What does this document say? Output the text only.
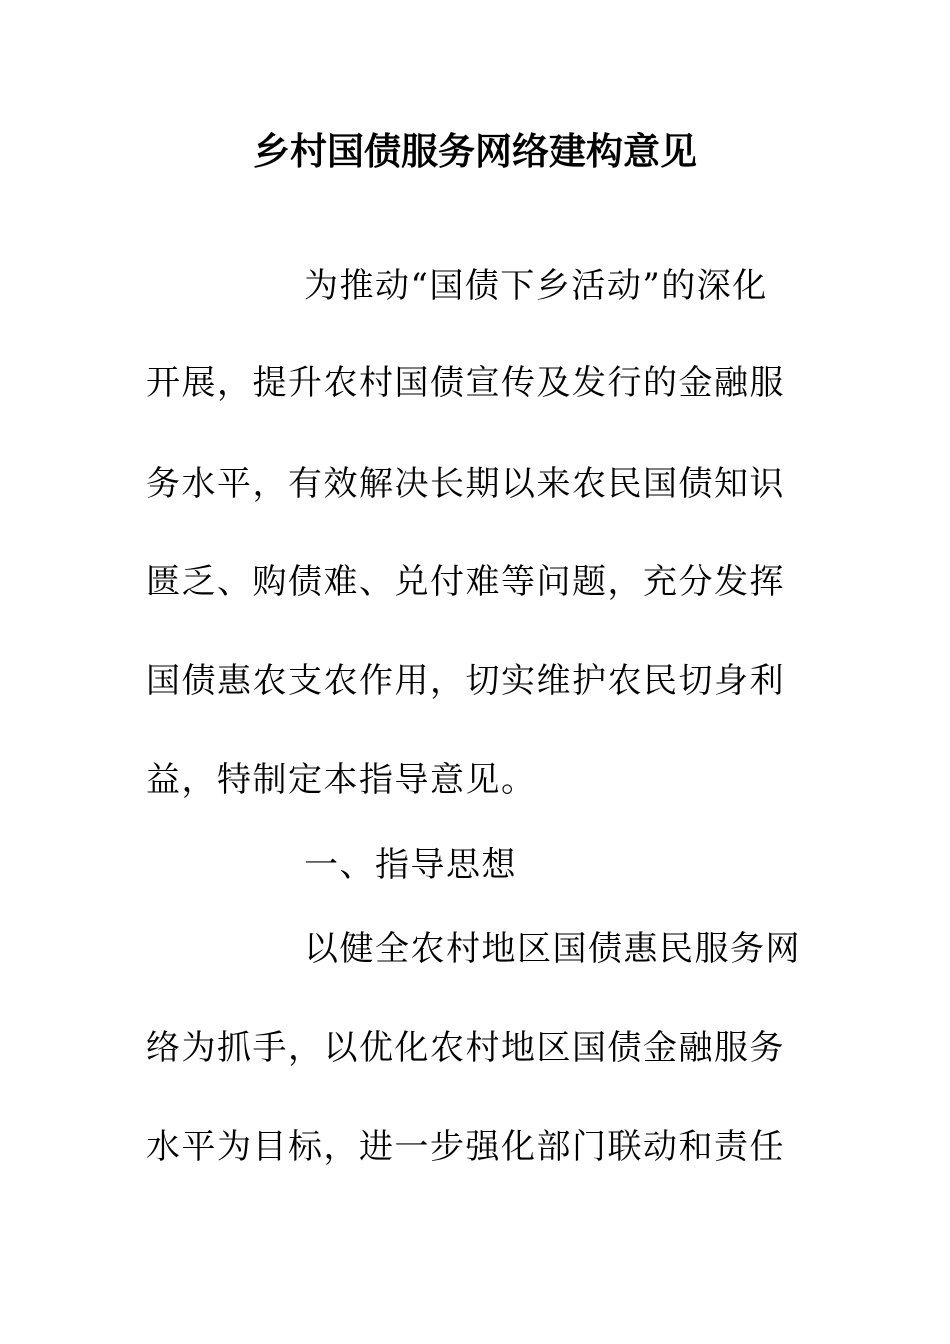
乡村国债服务网络建构意见
为推动“国债下乡活动”的深化
开展，提升农村国债宣传及发行的金融服
务水平，有效解决长期以来农民国债知识
匮乏、购债难、兑付难等问题，充分发挥
国债惠农支农作用，切实维护农民切身利
益，特制定本指导意见。
一、指导思想
以健全农村地区国债惠民服务网
络为抓手，以优化农村地区国债金融服务
水平为目标，进一步强化部门联动和责任
